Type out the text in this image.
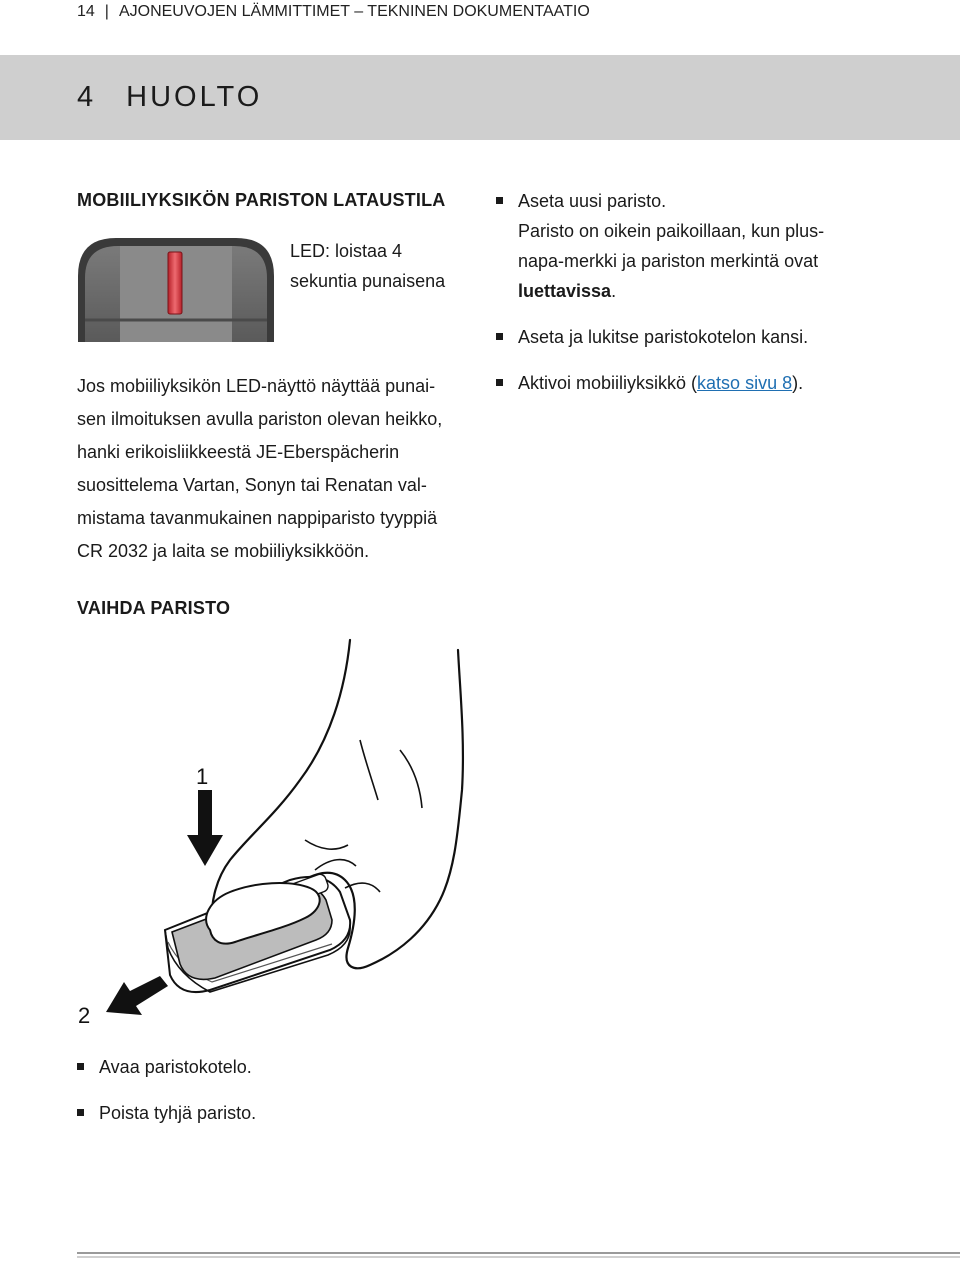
14 | AJONEUVOJEN LÄMMITTIMET – TEKNINEN DOKUMENTAATIO
4 HUOLTO
MOBIILIYKSIKÖN PARISTON LATAUSTILA
LED: loistaa 4
sekuntia punaisena
Jos mobiiliyksikön LED-näyttö näyttää punai-
sen ilmoituksen avulla pariston olevan heikko,
hanki erikoisliikkeestä JE-Eberspächerin
suosittelema Vartan, Sonyn tai Renatan val-
mistama tavanmukainen nappiparisto tyyppiä
CR 2032 ja laita se mobiiliyksikköön.
VAIHDA PARISTO
1
2
Avaa paristokotelo.
Poista tyhjä paristo.
Aseta uusi paristo.
Paristo on oikein paikoillaan, kun plus-
napa-merkki ja pariston merkintä ovat
luettavissa.
Aseta ja lukitse paristokotelon kansi.
Aktivoi mobiiliyksikkö (katso sivu 8).
